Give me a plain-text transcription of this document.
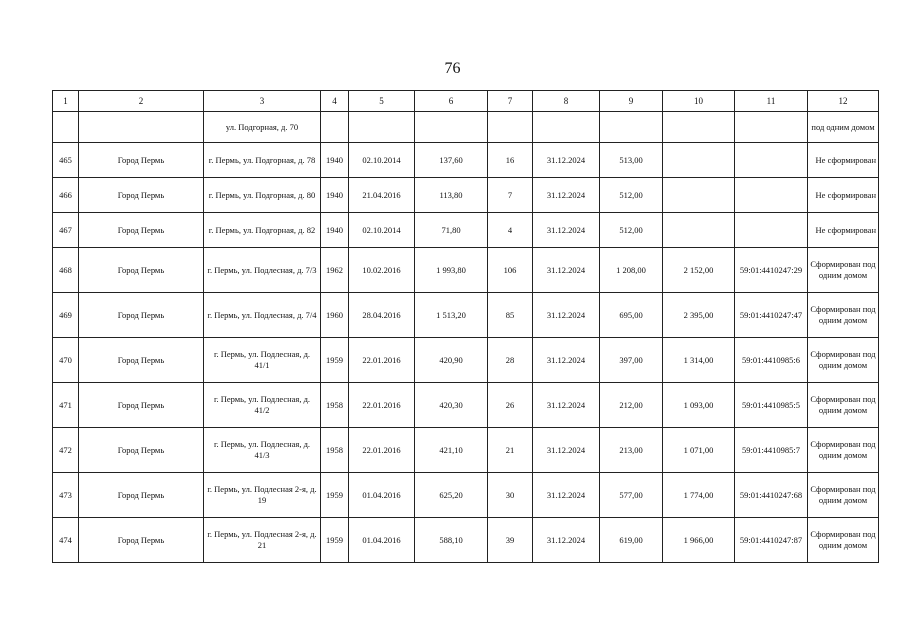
76
1	2	3	4	5	6	7	8	9	10	11	12
		ул. Подгорная, д. 70									под одним домом
465	Город Пермь	г. Пермь, ул. Подгорная, д. 78	1940	02.10.2014	137,60	16	31.12.2024	513,00			Не сформирован
466	Город Пермь	г. Пермь, ул. Подгорная, д. 80	1940	21.04.2016	113,80	7	31.12.2024	512,00			Не сформирован
467	Город Пермь	г. Пермь, ул. Подгорная, д. 82	1940	02.10.2014	71,80	4	31.12.2024	512,00			Не сформирован
468	Город Пермь	г. Пермь, ул. Подлесная, д. 7/3	1962	10.02.2016	1 993,80	106	31.12.2024	1 208,00	2 152,00	59:01:4410247:29	Сформирован под одним домом
469	Город Пермь	г. Пермь, ул. Подлесная, д. 7/4	1960	28.04.2016	1 513,20	85	31.12.2024	695,00	2 395,00	59:01:4410247:47	Сформирован под одним домом
470	Город Пермь	г. Пермь, ул. Подлесная, д. 41/1	1959	22.01.2016	420,90	28	31.12.2024	397,00	1 314,00	59:01:4410985:6	Сформирован под одним домом
471	Город Пермь	г. Пермь, ул. Подлесная, д. 41/2	1958	22.01.2016	420,30	26	31.12.2024	212,00	1 093,00	59:01:4410985:5	Сформирован под одним домом
472	Город Пермь	г. Пермь, ул. Подлесная, д. 41/3	1958	22.01.2016	421,10	21	31.12.2024	213,00	1 071,00	59:01:4410985:7	Сформирован под одним домом
473	Город Пермь	г. Пермь, ул. Подлесная 2-я, д. 19	1959	01.04.2016	625,20	30	31.12.2024	577,00	1 774,00	59:01:4410247:68	Сформирован под одним домом
474	Город Пермь	г. Пермь, ул. Подлесная 2-я, д. 21	1959	01.04.2016	588,10	39	31.12.2024	619,00	1 966,00	59:01:4410247:87	Сформирован под одним домом
